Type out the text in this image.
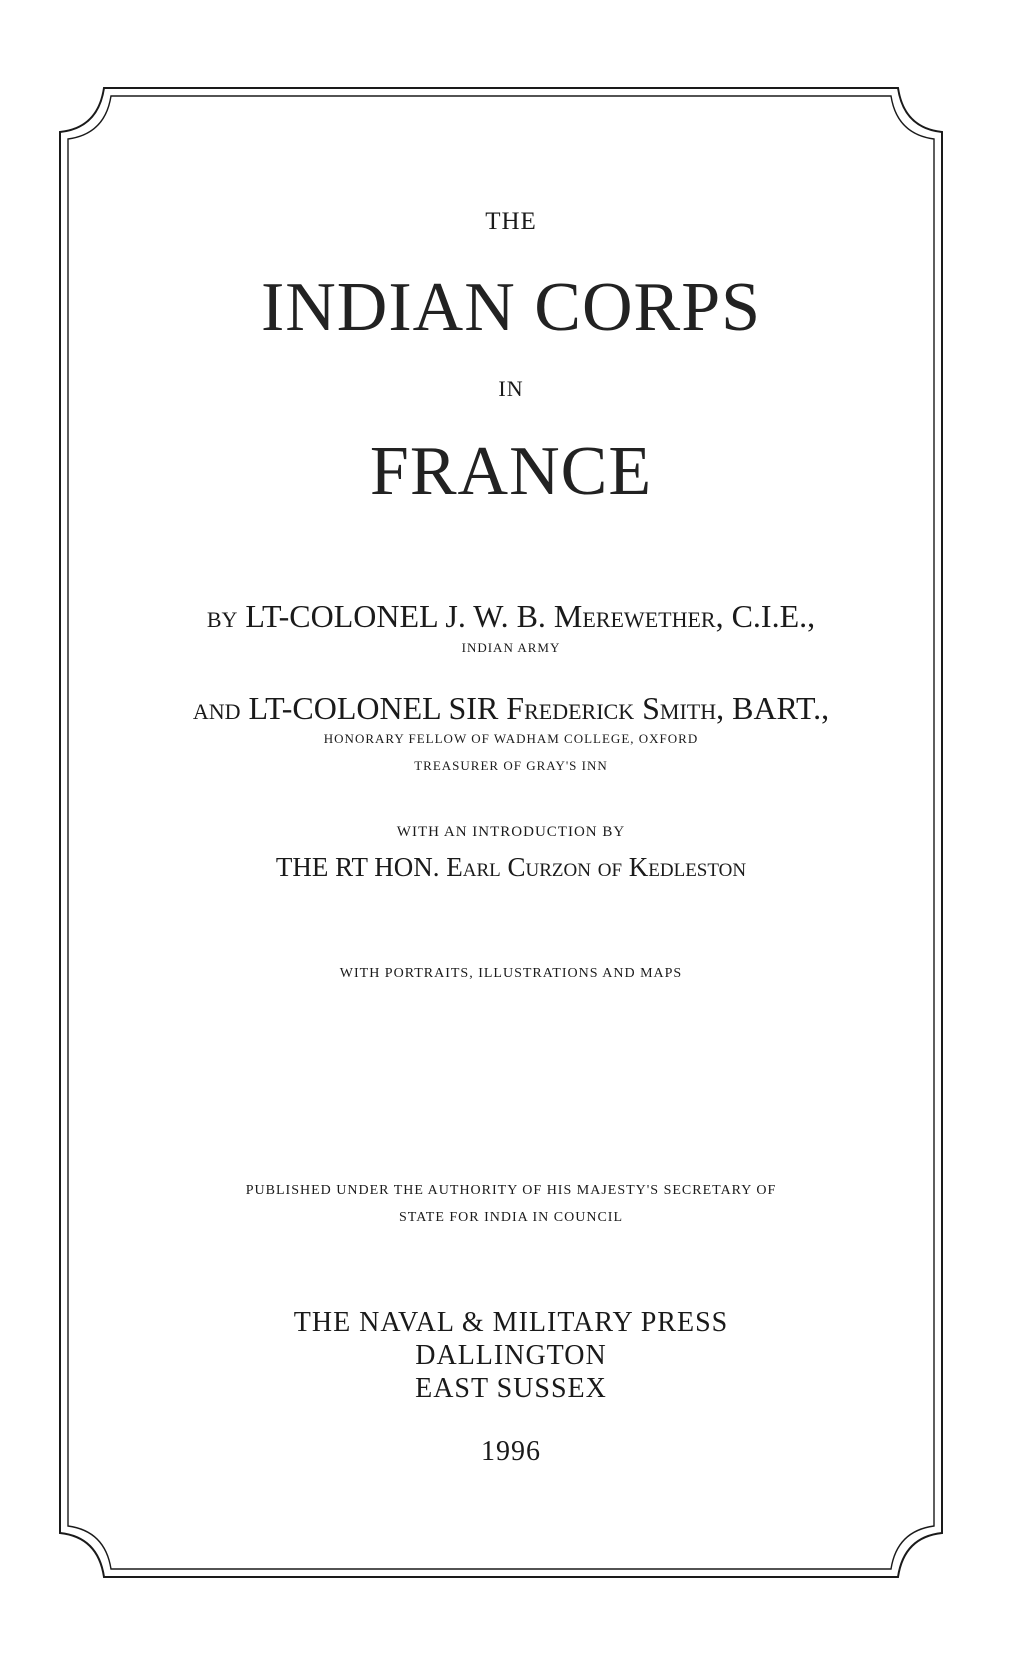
THE
INDIAN CORPS
IN
FRANCE
by LT-COLONEL J. W. B. Merewether, C.I.E.,
INDIAN ARMY
and LT-COLONEL SIR Frederick Smith, BART.,
HONORARY FELLOW OF WADHAM COLLEGE, OXFORD
TREASURER OF GRAY'S INN
WITH AN INTRODUCTION BY
THE RT HON. Earl Curzon of Kedleston
WITH PORTRAITS, ILLUSTRATIONS AND MAPS
PUBLISHED UNDER THE AUTHORITY OF HIS MAJESTY'S SECRETARY OF
STATE FOR INDIA IN COUNCIL
THE NAVAL & MILITARY PRESS
DALLINGTON
EAST SUSSEX
1996
